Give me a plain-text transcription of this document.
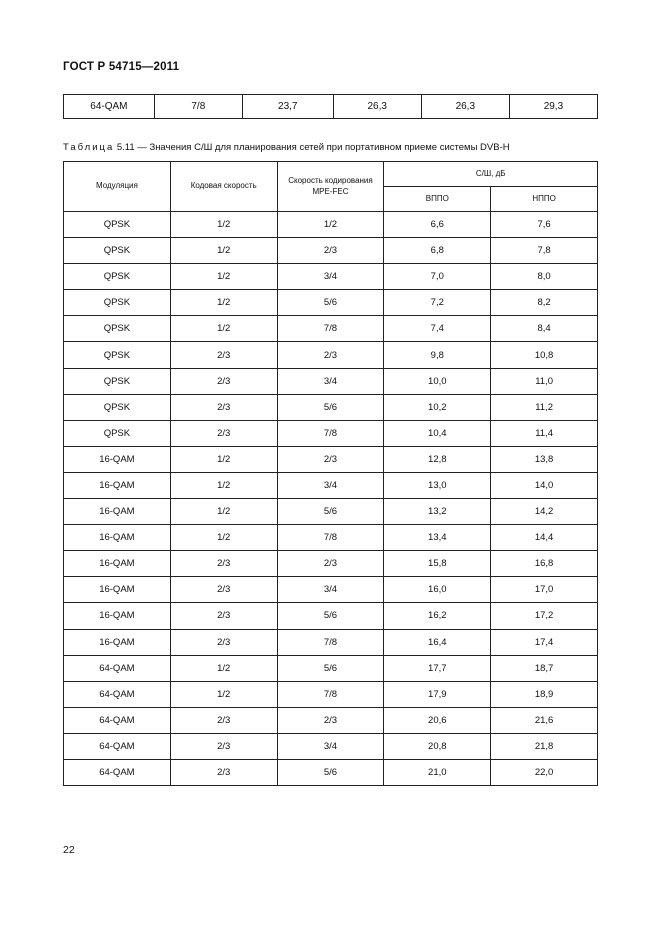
ГОСТ Р 54715—2011
64-QAM	7/8	23,7	26,3	26,3	29,3
Таблица 5.11 — Значения С/Ш для планирования сетей при портативном приеме системы DVB-H
Модуляция	Кодовая скорость	Скорость кодирования MPE-FEC	С/Ш, дБ	
			ВППО	НППО
QPSK	1/2	1/2	6,6	7,6
QPSK	1/2	2/3	6,8	7,8
QPSK	1/2	3/4	7,0	8,0
QPSK	1/2	5/6	7,2	8,2
QPSK	1/2	7/8	7,4	8,4
QPSK	2/3	2/3	9,8	10,8
QPSK	2/3	3/4	10,0	11,0
QPSK	2/3	5/6	10,2	11,2
QPSK	2/3	7/8	10,4	11,4
16-QAM	1/2	2/3	12,8	13,8
16-QAM	1/2	3/4	13,0	14,0
16-QAM	1/2	5/6	13,2	14,2
16-QAM	1/2	7/8	13,4	14,4
16-QAM	2/3	2/3	15,8	16,8
16-QAM	2/3	3/4	16,0	17,0
16-QAM	2/3	5/6	16,2	17,2
16-QAM	2/3	7/8	16,4	17,4
64-QAM	1/2	5/6	17,7	18,7
64-QAM	1/2	7/8	17,9	18,9
64-QAM	2/3	2/3	20,6	21,6
64-QAM	2/3	3/4	20,8	21,8
64-QAM	2/3	5/6	21,0	22,0
22
